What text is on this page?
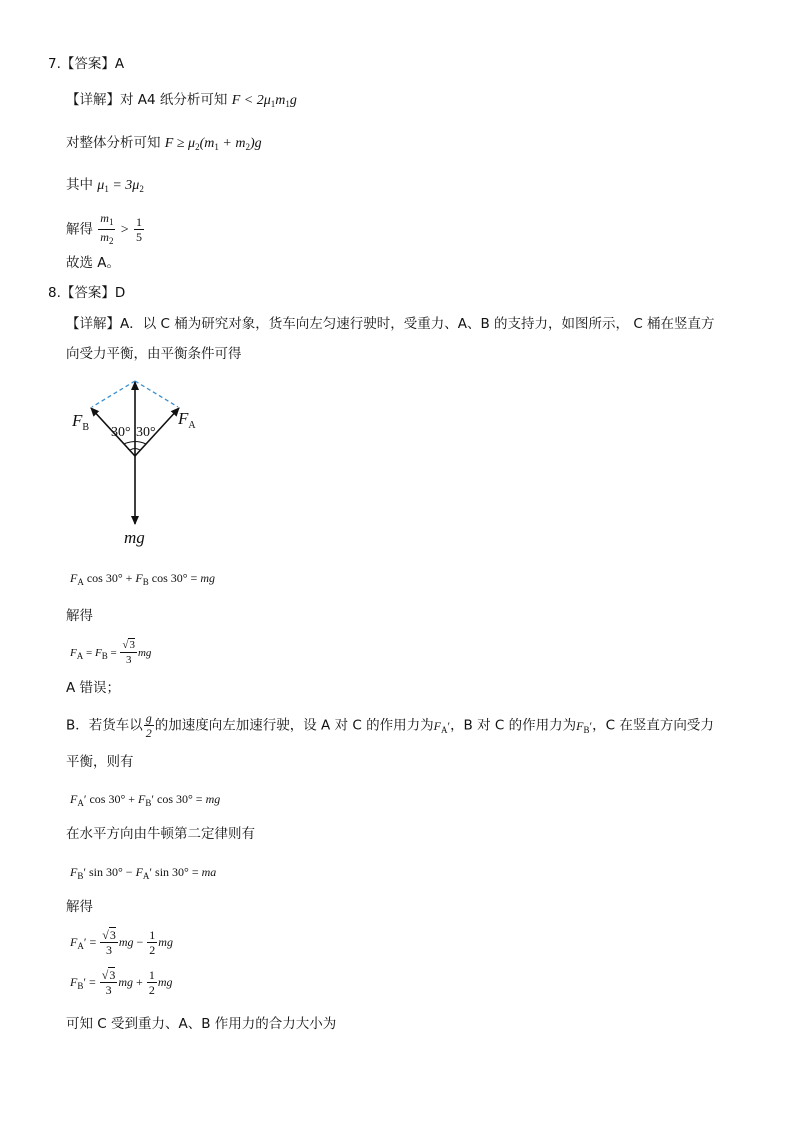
7.【答案】A
【详解】对 A4 纸分析可知 $F < 2\mu_1m_1g$
对整体分析可知 $F \ge \mu_2(m_1 + m_2)g$
其中 $\mu_1 = 3\mu_2$
解得 $\frac{m_1}{m_2} > \frac{1}{5}$
故选 A。
8.【答案】D
【详解】A．以 C 桶为研究对象，货车向左匀速行驶时，受重力、A、B 的支持力，如图所示， C 桶在竖直方
向受力平衡，由平衡条件可得
$F_B$	$F_A$
30° 30°
mg
$F_A$ $\cos 30^\circ + F_B$ cos 30° = mg
解得
$F_A = F_B = \frac{√3}{3}$ mg
A 错误；
B．若货车以 $\frac{g}{2}$ 的加速度向左加速行驶，设 A 对 C 的作用力为$F_A'$，B 对 C 的作用力为$F_B'$，C 在竖直方向受力
平衡，则有
$F_A'$ $\cos 30^\circ + F_B'$ cos 30° = mg
在水平方向由牛顿第二定律则有
$F_B'$ $\sin 30^\circ - F_A'$ sin 30° = ma
解得
$F_A' = \frac{√3}{3}$ mg − $\frac{1}{2}$ mg
$F_B' = \frac{√3}{3}$ mg + $\frac{1}{2}$ mg
可知 C 受到重力、A、B 作用力的合力大小为
